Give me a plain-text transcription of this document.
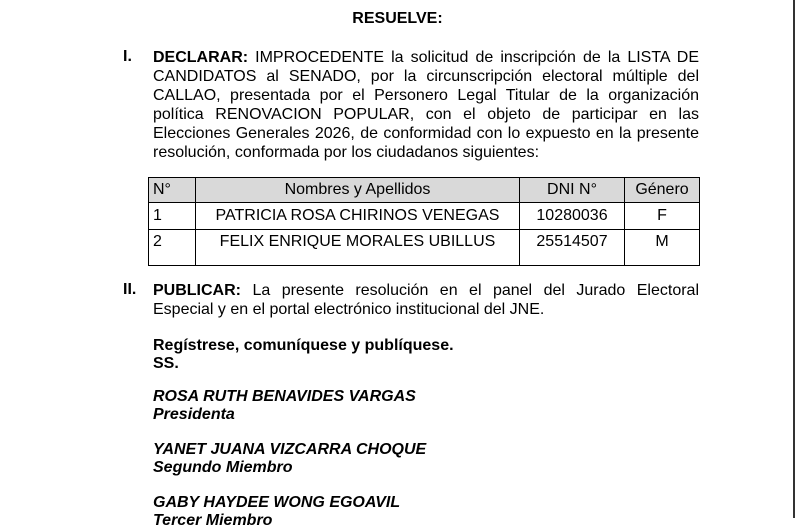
RESUELVE:
I. DECLARAR: IMPROCEDENTE la solicitud de inscripción de la LISTA DE CANDIDATOS al SENADO, por la circunscripción electoral múltiple del CALLAO, presentada por el Personero Legal Titular de la organización política RENOVACION POPULAR, con el objeto de participar en las Elecciones Generales 2026, de conformidad con lo expuesto en la presente resolución, conformada por los ciudadanos siguientes:
N°	Nombres y Apellidos	DNI N°	Género
1	PATRICIA ROSA CHIRINOS VENEGAS	10280036	F
2	FELIX ENRIQUE MORALES UBILLUS	25514507	M
II. PUBLICAR: La presente resolución en el panel del Jurado Electoral Especial y en el portal electrónico institucional del JNE.
Regístrese, comuníquese y publíquese.
SS.
ROSA RUTH BENAVIDES VARGAS
Presidenta
YANET JUANA VIZCARRA CHOQUE
Segundo Miembro
GABY HAYDEE WONG EGOAVIL
Tercer Miembro
